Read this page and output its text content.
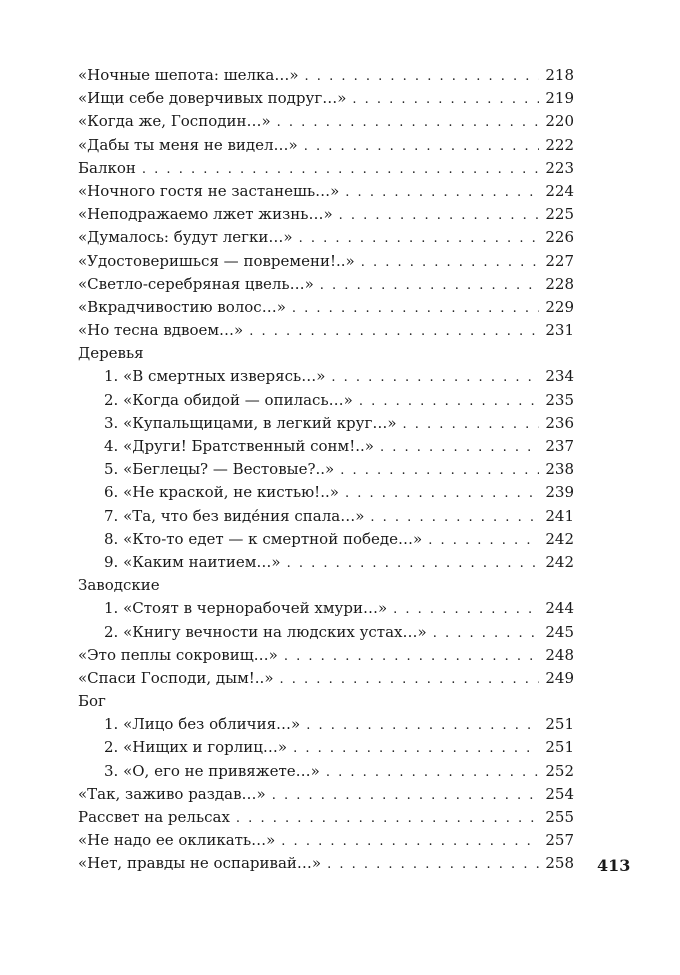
«Ночные шепота: шелка…» . . .	218
«Ищи себе доверчивых подруг…» . . .	219
«Когда же, Господин…» . . .	220
«Дабы ты меня не видел…» . . .	222
Балкон . . .	223
«Ночного гостя не застанешь…» . . .	224
«Неподражаемо лжет жизнь…» . . .	225
«Думалось: будут легки…» . . .	226
«Удостоверишься — повремени!..» . . .	227
«Светло-серебряная цвель…» . . .	228
«Вкрадчивостию волос…» . . .	229
«Но тесна вдвоем…» . . .	231
Деревья
1. «В смертных изверясь…» . . .	234
2. «Когда обидой — опилась…» . . .	235
3. «Купальщицами, в легкий круг…» . . .	236
4. «Други! Братственный сонм!..» . . .	237
5. «Беглецы? — Вестовые?..» . . .	238
6. «Не краской, не кистью!..» . . .	239
7. «Та, что без виде́ния спала…» . . .	241
8. «Кто-то едет — к смертной победе…» . . .	242
9. «Каким наитием…» . . .	242
Заводские
1. «Стоят в чернорабочей хмури…» . . .	244
2. «Книгу вечности на людских устах…» . . .	245
«Это пеплы сокровищ…» . . .	248
«Спаси Господи, дым!..» . . .	249
Бог
1. «Лицо без обличия…» . . .	251
2. «Нищих и горлиц…» . . .	251
3. «О, его не привяжете…» . . .	252
«Так, заживо раздав…» . . .	254
Рассвет на рельсах . . .	255
«Не надо ее окликать…» . . .	257
«Нет, правды не оспаривай…» . . .	258 413
